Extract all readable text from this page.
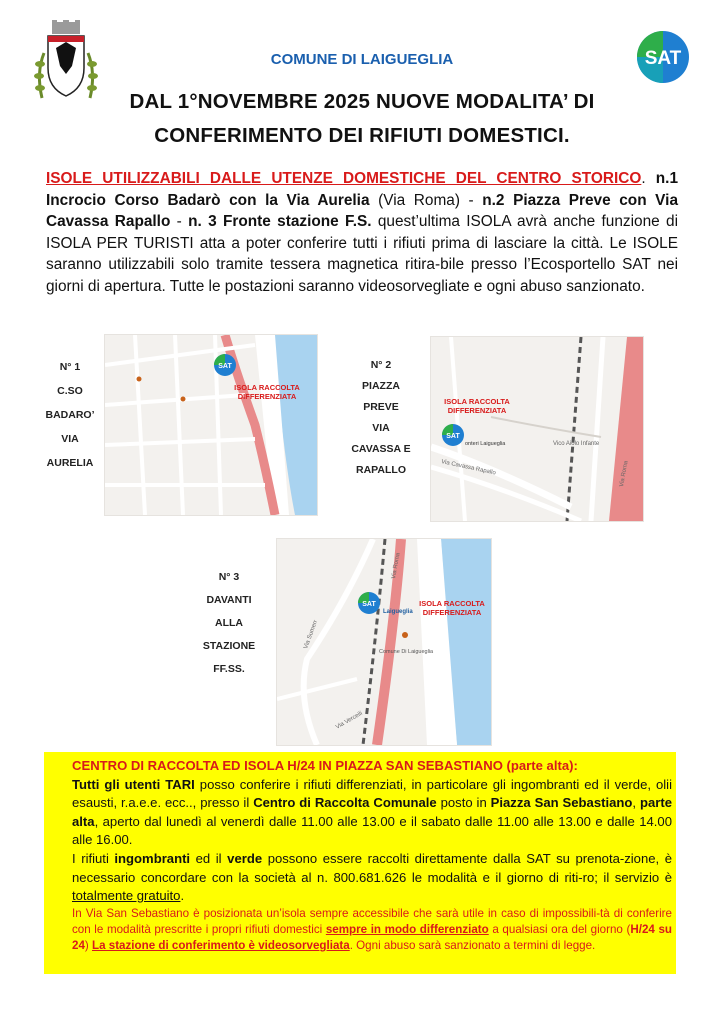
SAT
COMUNE DI LAIGUEGLIA
DAL 1°NOVEMBRE 2025 NUOVE MODALITA’ DI
CONFERIMENTO DEI RIFIUTI DOMESTICI.
ISOLE UTILIZZABILI DALLE UTENZE DOMESTICHE DEL CENTRO STORICO. n.1 Incrocio Corso Badarò con la Via Aurelia (Via Roma) - n.2 Piazza Preve con Via Cavassa Rapallo - n. 3 Fronte stazione F.S. quest’ultima ISOLA avrà anche funzione di ISOLA PER TURISTI atta a poter conferire tutti i rifiuti prima di lasciare la città. Le ISOLE saranno utilizzabili solo tramite tessera magnetica ritira-bile presso l’Ecosportello SAT nei giorni di apertura. Tutte le postazioni saranno videosorvegliate e ogni abuso sanzionato.
N° 1
C.SO
BADARO’
VIA
AURELIA
SAT
ISOLA RACCOLTA
DIFFERENZIATA
N° 2
PIAZZA
PREVE
VIA
CAVASSA E
RAPALLO
Vico Aiolo Infante
Via Cavassa Rapallo	Via Roma
onteri Laigueglia
SAT
ISOLA RACCOLTA
DIFFERENZIATA
N° 3
DAVANTI
ALLA
STAZIONE
FF.SS.
Laigueglia
Comune Di Laigueglia
Via Roma
Via Sumerr
Via Verceili
SAT	ISOLA RACCOLTA
DIFFERENZIATA
CENTRO DI RACCOLTA ED ISOLA H/24 IN PIAZZA SAN SEBASTIANO (parte alta):
Tutti gli utenti TARI posso conferire i rifiuti differenziati, in particolare gli ingombranti ed il verde, olii esausti, r.a.e.e. ecc.., presso il Centro di Raccolta Comunale posto in Piazza San Sebastiano, parte alta, aperto dal lunedì al venerdì dalle 11.00 alle 13.00 e il sabato dalle 11.00 alle 13.00 e dalle 14.00 alle 16.00.
I rifiuti ingombranti ed il verde possono essere raccolti direttamente dalla SAT su prenota-zione, è necessario concordare con la società al n. 800.681.626 le modalità e il giorno di riti-ro; il servizio è totalmente gratuito.
In Via San Sebastiano è posizionata un’isola sempre accessibile che sarà utile in caso di impossibili-tà di conferire con le modalità prescritte i propri rifiuti domestici sempre in modo differenziato a qualsiasi ora del giorno (H/24 su 24) La stazione di conferimento è videosorvegliata. Ogni abuso sarà sanzionato a termini di legge.
